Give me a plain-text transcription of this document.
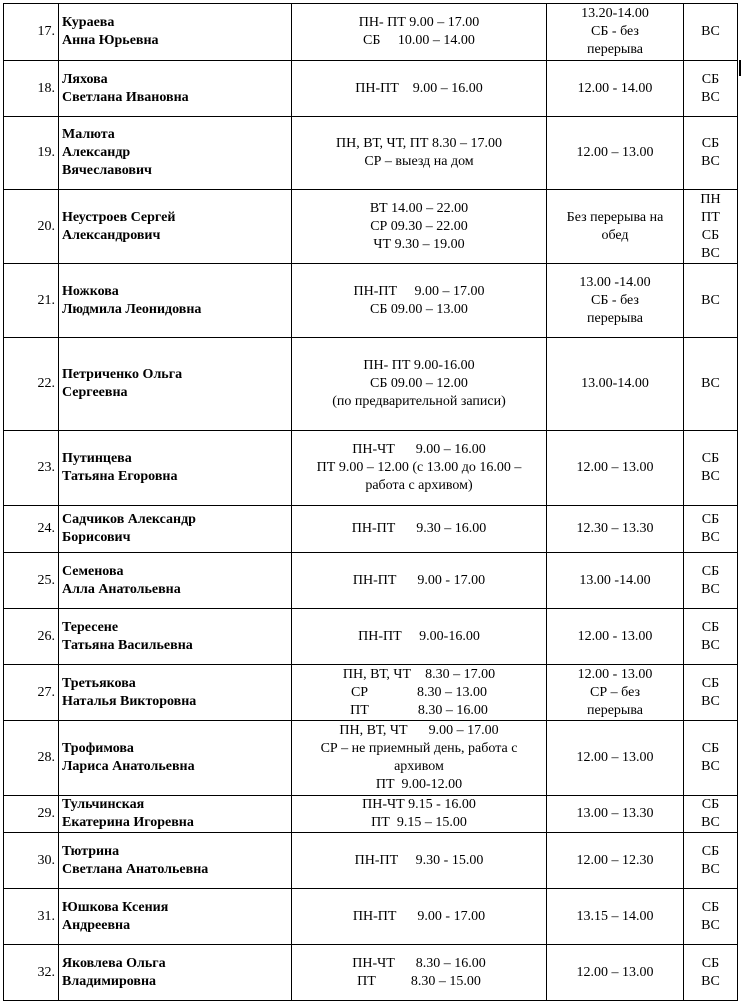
17.	Кураева
Анна Юрьевна	ПН- ПТ 9.00 – 17.00
СБ     10.00 – 14.00	13.20-14.00
СБ - без
перерыва	ВС

18.	Ляхова
Светлана Ивановна	ПН-ПТ    9.00 – 16.00	12.00 - 14.00	СБ
ВС

19.	Малюта
Александр
Вячеславович	ПН, ВТ, ЧТ, ПТ 8.30 – 17.00
СР – выезд на дом	12.00 – 13.00	СБ
ВС

20.	Неустроев Сергей
Александрович	ВТ 14.00 – 22.00
СР 09.30 – 22.00
ЧТ 9.30 – 19.00	Без перерыва на
обед	ПН
ПТ
СБ
ВС

21.	Ножкова
Людмила Леонидовна	ПН-ПТ     9.00 – 17.00
СБ 09.00 – 13.00	13.00 -14.00
СБ - без
перерыва	ВС

22.	Петриченко Ольга
Сергеевна	ПН- ПТ 9.00-16.00
СБ 09.00 – 12.00
(по предварительной записи)	13.00-14.00	ВС

23.	Путинцева
Татьяна Егоровна	ПН-ЧТ      9.00 – 16.00
ПТ 9.00 – 12.00 (с 13.00 до 16.00 –
работа с архивом)	12.00 – 13.00	СБ
ВС

24.	Садчиков Александр
Борисович	ПН-ПТ      9.30 – 16.00	12.30 – 13.30	СБ
ВС

25.	Семенова
Алла Анатольевна	ПН-ПТ      9.00 - 17.00	13.00 -14.00	СБ
ВС

26.	Тересене
Татьяна Васильевна	ПН-ПТ     9.00-16.00	12.00 - 13.00	СБ
ВС

27.	Третьякова
Наталья Викторовна	ПН, ВТ, ЧТ    8.30 – 17.00
СР              8.30 – 13.00
ПТ              8.30 – 16.00	12.00 - 13.00
СР – без
перерыва	СБ
ВС

28.	Трофимова
Лариса Анатольевна	ПН, ВТ, ЧТ      9.00 – 17.00
СР – не приемный день, работа с
архивом
ПТ  9.00-12.00	12.00 – 13.00	СБ
ВС

29.	Тульчинская
Екатерина Игоревна	ПН-ЧТ 9.15 - 16.00
ПТ  9.15 – 15.00	13.00 – 13.30	СБ
ВС

30.	Тютрина
Светлана Анатольевна	ПН-ПТ     9.30 - 15.00	12.00 – 12.30	СБ
ВС

31.	Юшкова Ксения
Андреевна	ПН-ПТ      9.00 - 17.00	13.15 – 14.00	СБ
ВС

32.	Яковлева Ольга
Владимировна	ПН-ЧТ      8.30 – 16.00
ПТ          8.30 – 15.00	12.00 – 13.00	СБ
ВС
